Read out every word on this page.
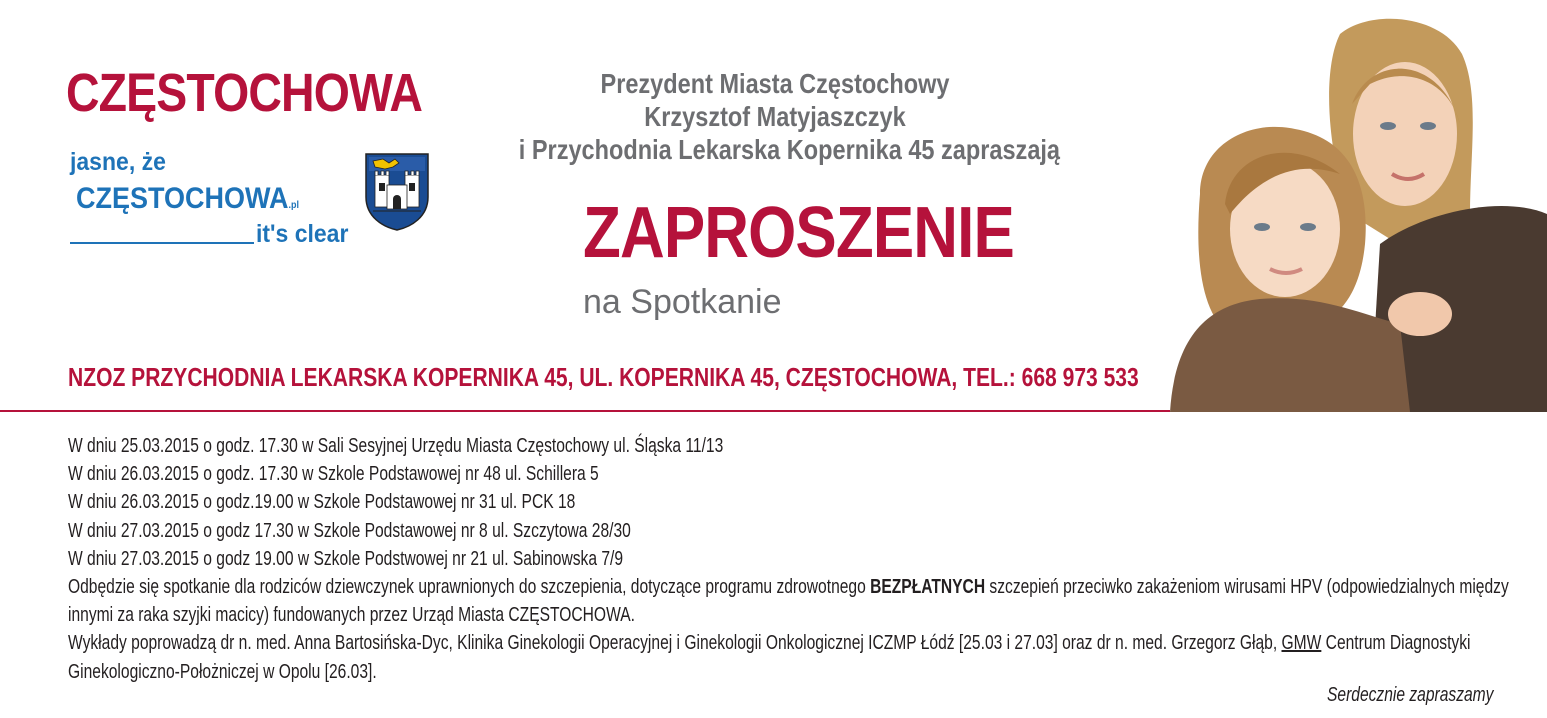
CZĘSTOCHOWA
jasne, że
CZĘSTOCHOWA.pl
it's clear
Prezydent Miasta Częstochowy
Krzysztof Matyjaszczyk
i Przychodnia Lekarska Kopernika 45 zapraszają
ZAPROSZENIE
na Spotkanie
NZOZ PRZYCHODNIA LEKARSKA KOPERNIKA 45, UL. KOPERNIKA 45, CZĘSTOCHOWA, TEL.: 668 973 533
W dniu 25.03.2015 o godz. 17.30 w Sali Sesyjnej Urzędu Miasta Częstochowy ul. Śląska 11/13
W dniu 26.03.2015 o godz. 17.30 w Szkole Podstawowej nr 48 ul. Schillera 5
W dniu 26.03.2015 o godz.19.00 w Szkole Podstawowej nr 31 ul. PCK 18
W dniu 27.03.2015 o godz 17.30 w Szkole Podstawowej nr 8 ul. Szczytowa 28/30
W dniu 27.03.2015 o godz 19.00 w Szkole Podstwowej nr 21 ul. Sabinowska 7/9
Odbędzie się spotkanie dla rodziców dziewczynek uprawnionych do szczepienia, dotyczące programu zdrowotnego BEZPŁATNYCH szczepień przeciwko zakażeniom wirusami HPV (odpowiedzialnych między innymi za raka szyjki macicy) fundowanych przez Urząd Miasta CZĘSTOCHOWA.
Wykłady poprowadzą dr n. med. Anna Bartosińska-Dyc, Klinika Ginekologii Operacyjnej i Ginekologii Onkologicznej ICZMP Łódź [25.03 i 27.03] oraz dr n. med. Grzegorz Głąb, GMW Centrum Diagnostyki Ginekologiczno-Położniczej w Opolu [26.03].
Serdecznie zapraszamy
